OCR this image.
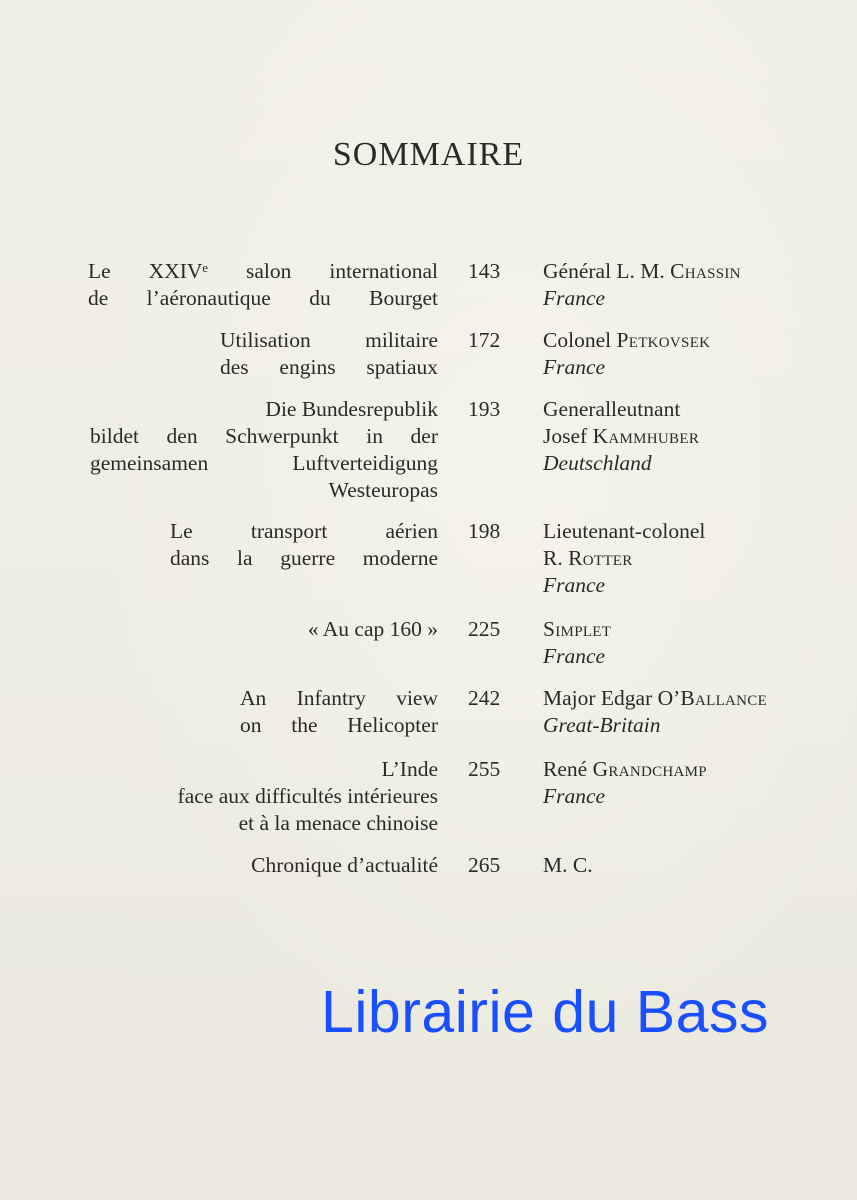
SOMMAIRE
Le XXIVᵉ salon international
de l’aéronautique du Bourget
143	Général L. M. Chassin
France
Utilisation militaire
des engins spatiaux
172	Colonel Petkovsek
France
Die Bundesrepublik
bildet den Schwerpunkt in der
gemeinsamen Luftverteidigung
Westeuropas
193	Generalleutnant
Josef Kammhuber
Deutschland
Le transport aérien
dans la guerre moderne
198	Lieutenant-colonel
R. Rotter
France
« Au cap 160 » 225	Simplet
France
An Infantry view
on the Helicopter
242	Major Edgar O’Ballance
Great-Britain
L’Inde
face aux difficultés intérieures
et à la menace chinoise
255	René Grandchamp
France
Chronique d’actualité 265	M. C.
Librairie du Bass
